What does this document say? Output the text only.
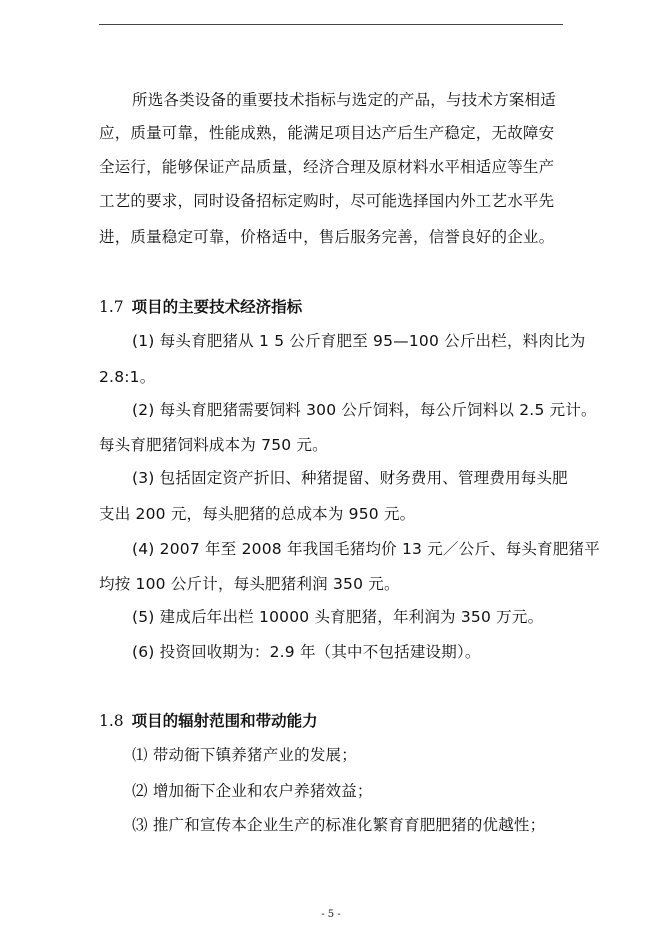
所选各类设备的重要技术指标与选定的产品，与技术方案相适
应，质量可靠，性能成熟，能满足项目达产后生产稳定，无故障安
全运行，能够保证产品质量，经济合理及原材料水平相适应等生产
工艺的要求，同时设备招标定购时，尽可能选择国内外工艺水平先
进，质量稳定可靠，价格适中，售后服务完善，信誉良好的企业。
1.7 项目的主要技术经济指标
(1) 每头育肥猪从 1 5 公斤育肥至 95—100 公斤出栏，料肉比为
2.8:1。
(2) 每头育肥猪需要饲料 300 公斤饲料，每公斤饲料以 2.5 元计。
每头育肥猪饲料成本为 750 元。
(3) 包括固定资产折旧、种猪提留、财务费用、管理费用每头肥
支出 200 元，每头肥猪的总成本为 950 元。
(4) 2007 年至 2008 年我国毛猪均价 13 元／公斤、每头育肥猪平
均按 100 公斤计，每头肥猪利润 350 元。
(5) 建成后年出栏 10000 头育肥猪，年利润为 350 万元。
(6) 投资回收期为：2.9 年（其中不包括建设期）。
1.8 项目的辐射范围和带动能力
⑴ 带动衙下镇养猪产业的发展；
⑵ 增加衙下企业和农户养猪效益；
⑶ 推广和宣传本企业生产的标准化繁育育肥肥猪的优越性；
- 5 -
